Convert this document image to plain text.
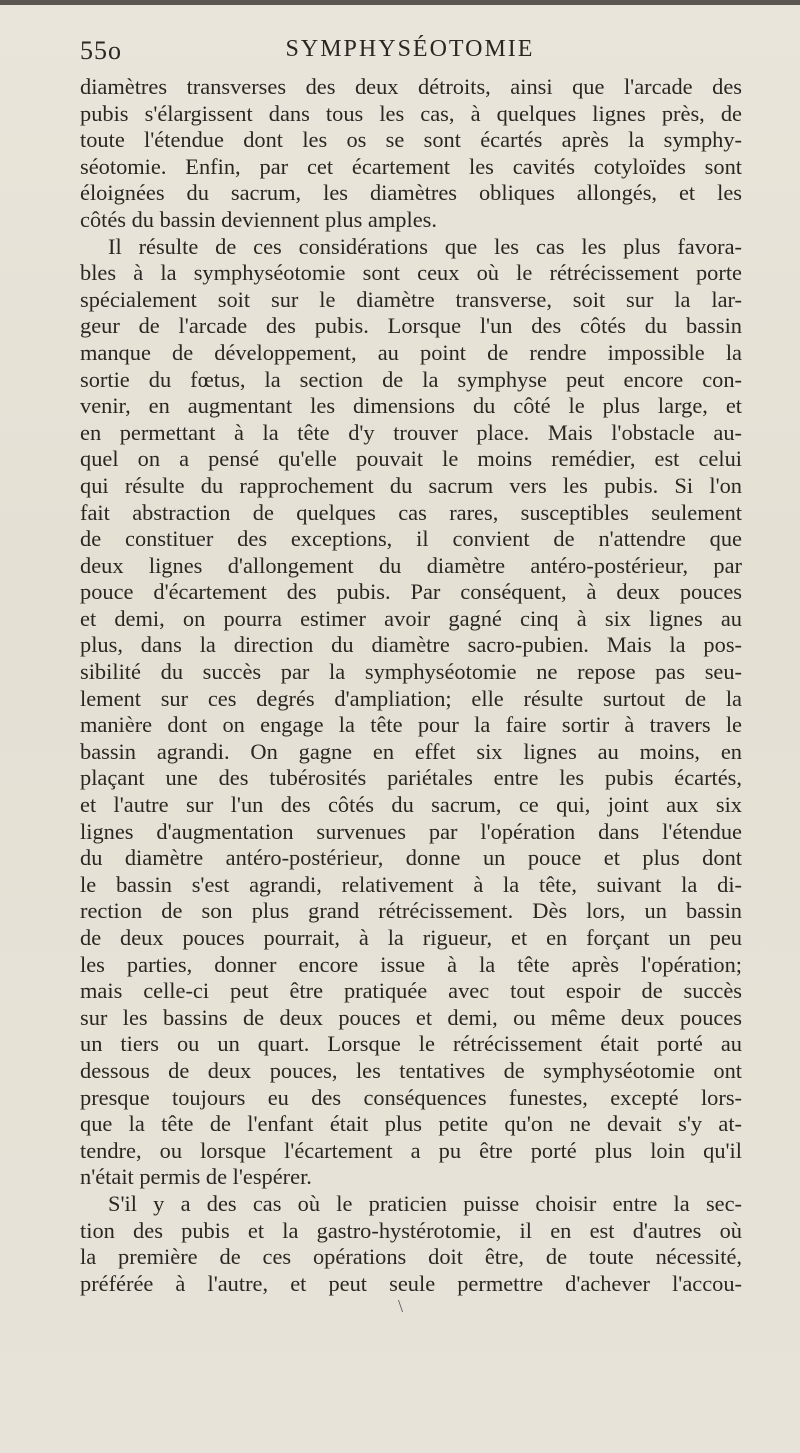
55o	SYMPHYSÉOTOMIE
diamètres transverses des deux détroits, ainsi que l'arcade des
pubis s'élargissent dans tous les cas, à quelques lignes près, de
toute l'étendue dont les os se sont écartés après la symphy-
séotomie. Enfin, par cet écartement les cavités cotyloïdes sont
éloignées du sacrum, les diamètres obliques allongés, et les
côtés du bassin deviennent plus amples.
Il résulte de ces considérations que les cas les plus favora-
bles à la symphyséotomie sont ceux où le rétrécissement porte
spécialement soit sur le diamètre transverse, soit sur la lar-
geur de l'arcade des pubis. Lorsque l'un des côtés du bassin
manque de développement, au point de rendre impossible la
sortie du fœtus, la section de la symphyse peut encore con-
venir, en augmentant les dimensions du côté le plus large, et
en permettant à la tête d'y trouver place. Mais l'obstacle au-
quel on a pensé qu'elle pouvait le moins remédier, est celui
qui résulte du rapprochement du sacrum vers les pubis. Si l'on
fait abstraction de quelques cas rares, susceptibles seulement
de constituer des exceptions, il convient de n'attendre que
deux lignes d'allongement du diamètre antéro-postérieur, par
pouce d'écartement des pubis. Par conséquent, à deux pouces
et demi, on pourra estimer avoir gagné cinq à six lignes au
plus, dans la direction du diamètre sacro-pubien. Mais la pos-
sibilité du succès par la symphyséotomie ne repose pas seu-
lement sur ces degrés d'ampliation; elle résulte surtout de la
manière dont on engage la tête pour la faire sortir à travers le
bassin agrandi. On gagne en effet six lignes au moins, en
plaçant une des tubérosités pariétales entre les pubis écartés,
et l'autre sur l'un des côtés du sacrum, ce qui, joint aux six
lignes d'augmentation survenues par l'opération dans l'étendue
du diamètre antéro-postérieur, donne un pouce et plus dont
le bassin s'est agrandi, relativement à la tête, suivant la di-
rection de son plus grand rétrécissement. Dès lors, un bassin
de deux pouces pourrait, à la rigueur, et en forçant un peu
les parties, donner encore issue à la tête après l'opération;
mais celle-ci peut être pratiquée avec tout espoir de succès
sur les bassins de deux pouces et demi, ou même deux pouces
un tiers ou un quart. Lorsque le rétrécissement était porté au
dessous de deux pouces, les tentatives de symphyséotomie ont
presque toujours eu des conséquences funestes, excepté lors-
que la tête de l'enfant était plus petite qu'on ne devait s'y at-
tendre, ou lorsque l'écartement a pu être porté plus loin qu'il
n'était permis de l'espérer.
S'il y a des cas où le praticien puisse choisir entre la sec-
tion des pubis et la gastro-hystérotomie, il en est d'autres où
la première de ces opérations doit être, de toute nécessité,
préférée à l'autre, et peut seule permettre d'achever l'accou-
\
